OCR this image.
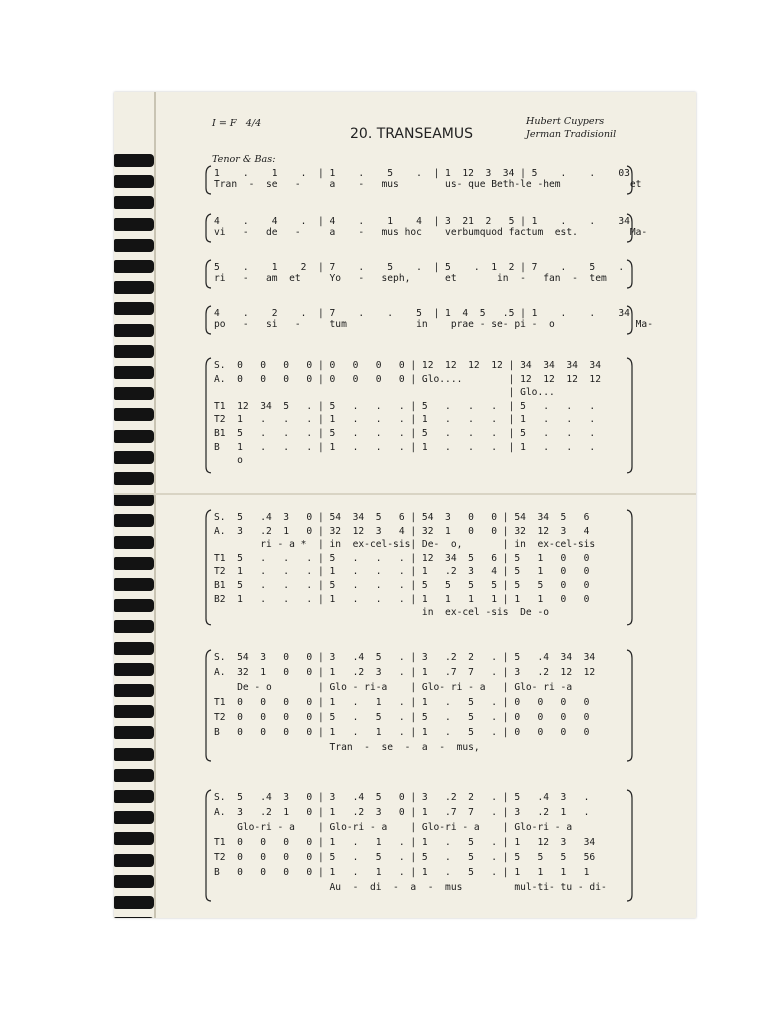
I = F   4/4
20. TRANSEAMUS
Hubert Cuypers
Jerman Tradisionil
Tenor & Bas:
1    .    1    .  | 1    .    5    .  | 1  12  3  34 | 5    .    .    03
Tran  -  se   -     a    -   mus        us- que Beth-le -hem            et
4    .    4    .  | 4    .    1    4  | 3  21  2   5 | 1    .    .    34
vi   -   de   -     a    -   mus hoc    verbumquod factum  est.         Ma-
5    .    1    2  | 7    .    5    .  | 5    .  1  2 | 7    .    5    .
ri   -   am  et     Yo   -   seph,      et       in  -   fan  -  tem
4    .    2    .  | 7    .    .    5  | 1  4  5   .5 | 1    .    .    34
po   -   si   -     tum            in    prae - se- pi -  o              Ma-
S.  0   0   0   0 | 0   0   0   0 | 12  12  12  12 | 34  34  34  34
A.  0   0   0   0 | 0   0   0   0 | Glo....        | 12  12  12  12
| Glo...
T1  12  34  5   . | 5   .   .   . | 5   .   .   .  | 5   .   .   .
T2  1   .   .   . | 1   .   .   . | 1   .   .   .  | 1   .   .   .
B1  5   .   .   . | 5   .   .   . | 5   .   .   .  | 5   .   .   .
B   1   .   .   . | 1   .   .   . | 1   .   .   .  | 1   .   .   .
o
S.  5   .4  3   0 | 54  34  5   6 | 54  3   0   0 | 54  34  5   6
A.  3   .2  1   0 | 32  12  3   4 | 32  1   0   0 | 32  12  3   4
ri - a *  | in  ex-cel-sis| De-  o,       | in  ex-cel-sis
T1  5   .   .   . | 5   .   .   . | 12  34  5   6 | 5   1   0   0
T2  1   .   .   . | 1   .   .   . | 1   .2  3   4 | 5   1   0   0
B1  5   .   .   . | 5   .   .   . | 5   5   5   5 | 5   5   0   0
B2  1   .   .   . | 1   .   .   . | 1   1   1   1 | 1   1   0   0
in  ex-cel -sis  De -o
S.  54  3   0   0 | 3   .4  5   . | 3   .2  2   . | 5   .4  34  34
A.  32  1   0   0 | 1   .2  3   . | 1   .7  7   . | 3   .2  12  12
De - o        | Glo - ri-a    | Glo- ri - a   | Glo- ri -a
T1  0   0   0   0 | 1   .   1   . | 1   .   5   . | 0   0   0   0
T2  0   0   0   0 | 5   .   5   . | 5   .   5   . | 0   0   0   0
B   0   0   0   0 | 1   .   1   . | 1   .   5   . | 0   0   0   0
Tran  -  se  -  a  -  mus,
S.  5   .4  3   0 | 3   .4  5   0 | 3   .2  2   . | 5   .4  3   .
A.  3   .2  1   0 | 1   .2  3   0 | 1   .7  7   . | 3   .2  1   .
Glo-ri - a    | Glo-ri - a    | Glo-ri - a    | Glo-ri - a
T1  0   0   0   0 | 1   .   1   . | 1   .   5   . | 1   12  3   34
T2  0   0   0   0 | 5   .   5   . | 5   .   5   . | 5   5   5   56
B   0   0   0   0 | 1   .   1   . | 1   .   5   . | 1   1   1   1
Au  -  di  -  a  -  mus         mul-ti- tu - di-
